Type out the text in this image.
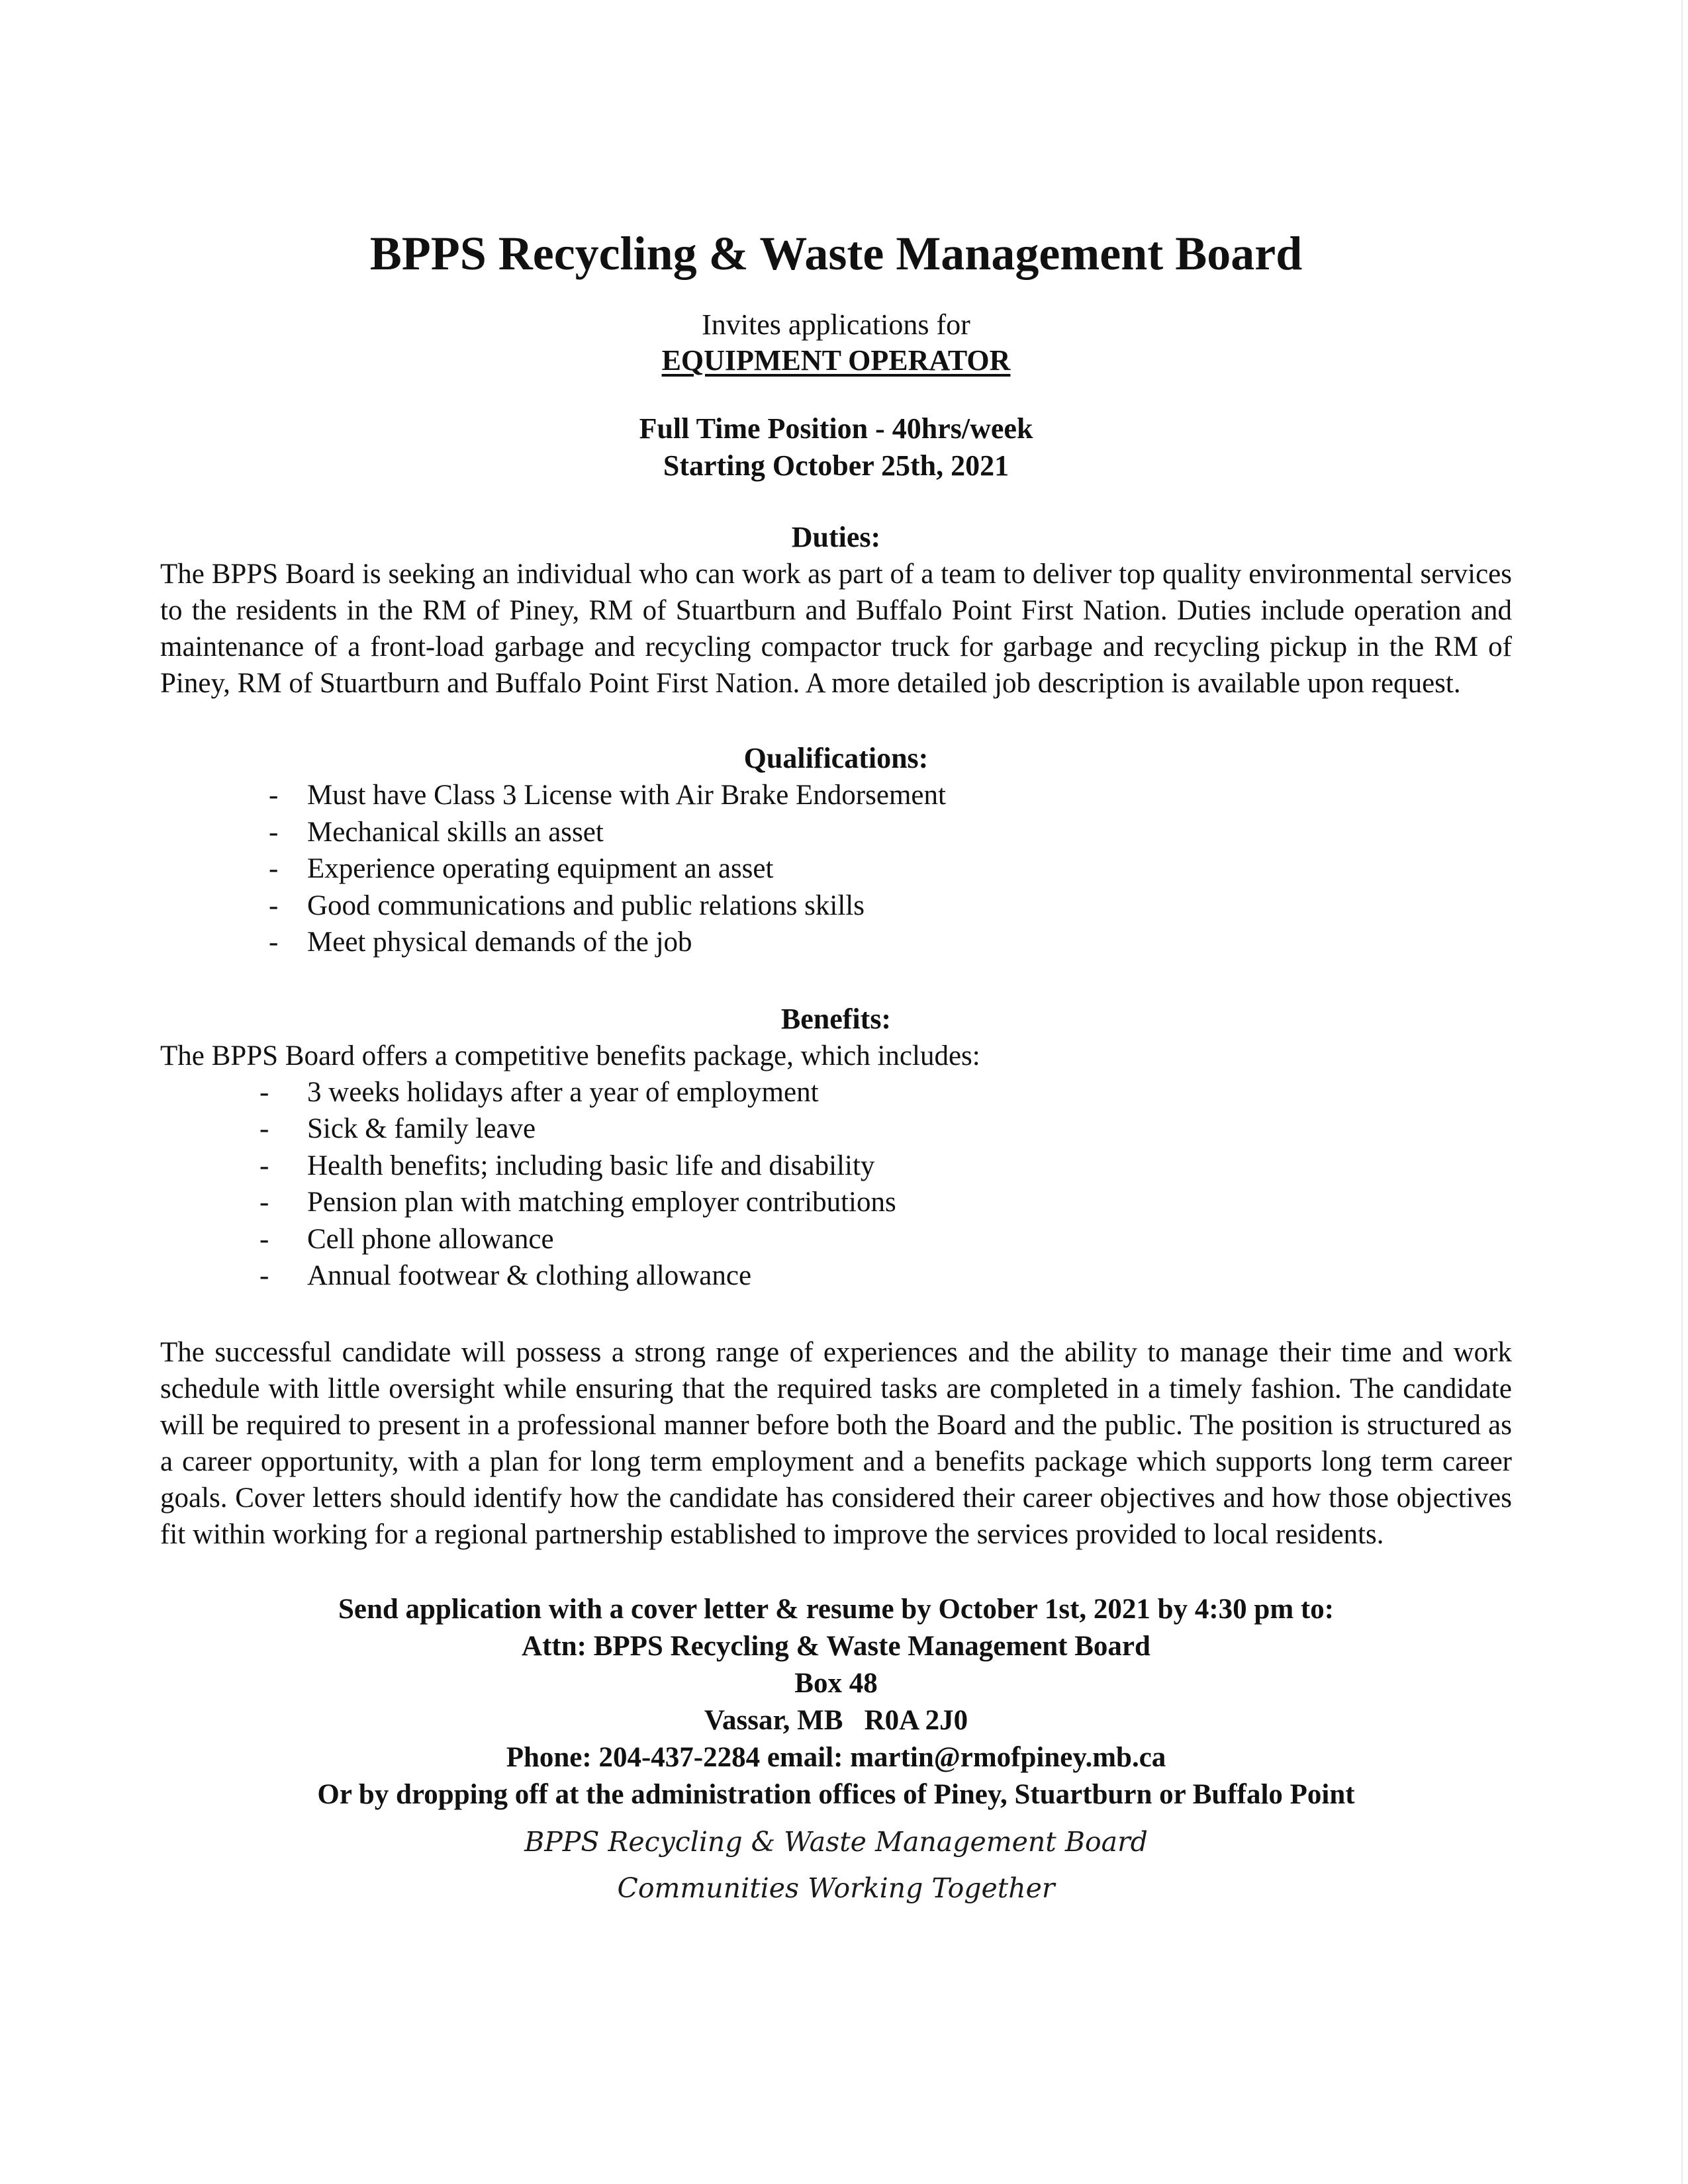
BPPS Recycling & Waste Management Board
Invites applications for
EQUIPMENT OPERATOR
Full Time Position - 40hrs/week
Starting October 25th, 2021
Duties:

The BPPS Board is seeking an individual who can work as part of a team to deliver top quality environmental services to the residents in the RM of Piney, RM of Stuartburn and Buffalo Point First Nation. Duties include operation and maintenance of a front-load garbage and recycling compactor truck for garbage and recycling pickup in the RM of Piney, RM of Stuartburn and Buffalo Point First Nation. A more detailed job description is available upon request.

Qualifications:
- Must have Class 3 License with Air Brake Endorsement
- Mechanical skills an asset
- Experience operating equipment an asset
- Good communications and public relations skills
- Meet physical demands of the job
Benefits:

The BPPS Board offers a competitive benefits package, which includes:

- 3 weeks holidays after a year of employment
- Sick & family leave
- Health benefits; including basic life and disability
- Pension plan with matching employer contributions
- Cell phone allowance
- Annual footwear & clothing allowance

The successful candidate will possess a strong range of experiences and the ability to manage their time and work schedule with little oversight while ensuring that the required tasks are completed in a timely fashion. The candidate will be required to present in a professional manner before both the Board and the public. The position is structured as a career opportunity, with a plan for long term employment and a benefits package which supports long term career goals. Cover letters should identify how the candidate has considered their career objectives and how those objectives fit within working for a regional partnership established to improve the services provided to local residents.

Send application with a cover letter & resume by October 1st, 2021 by 4:30 pm to:
Attn: BPPS Recycling & Waste Management Board
Box 48
Vassar, MB   R0A 2J0
Phone: 204-437-2284 email: martin@rmofpiney.mb.ca
Or by dropping off at the administration offices of Piney, Stuartburn or Buffalo Point
BPPS Recycling & Waste Management Board
Communities Working Together
